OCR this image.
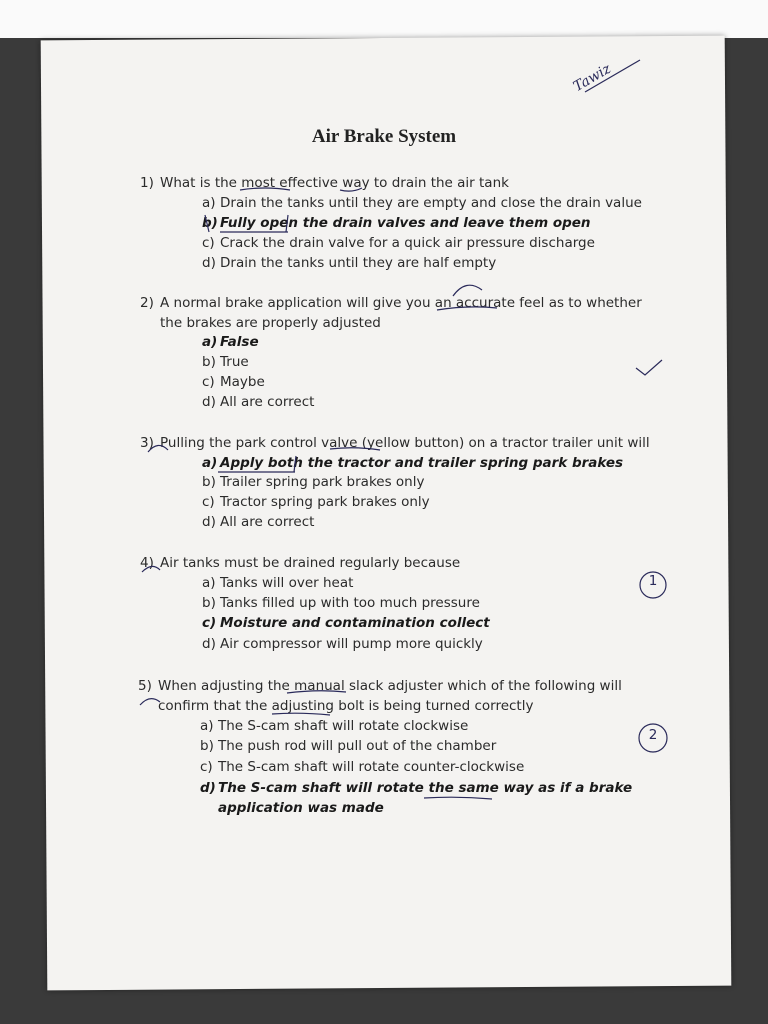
Air Brake System
Tawiz
1) What is the most effective way to drain the air tank
a) Drain the tanks until they are empty and close the drain value
b) Fully open the drain valves and leave them open
c) Crack the drain valve for a quick air pressure discharge
d) Drain the tanks until they are half empty
2) A normal brake application will give you an accurate feel as to whether
the brakes are properly adjusted
a) False
b) True
c) Maybe
d) All are correct
3) Pulling the park control valve (yellow button) on a tractor trailer unit will
a) Apply both the tractor and trailer spring park brakes
b) Trailer spring park brakes only
c) Tractor spring park brakes only
d) All are correct
4) Air tanks must be drained regularly because
a) Tanks will over heat
b) Tanks filled up with too much pressure
c) Moisture and contamination collect
d) Air compressor will pump more quickly
5) When adjusting the manual slack adjuster which of the following will
confirm that the adjusting bolt is being turned correctly
a) The S-cam shaft will rotate clockwise
b) The push rod will pull out of the chamber
c) The S-cam shaft will rotate counter-clockwise
d) The S-cam shaft will rotate the same way as if a brake
application was made
1
2
